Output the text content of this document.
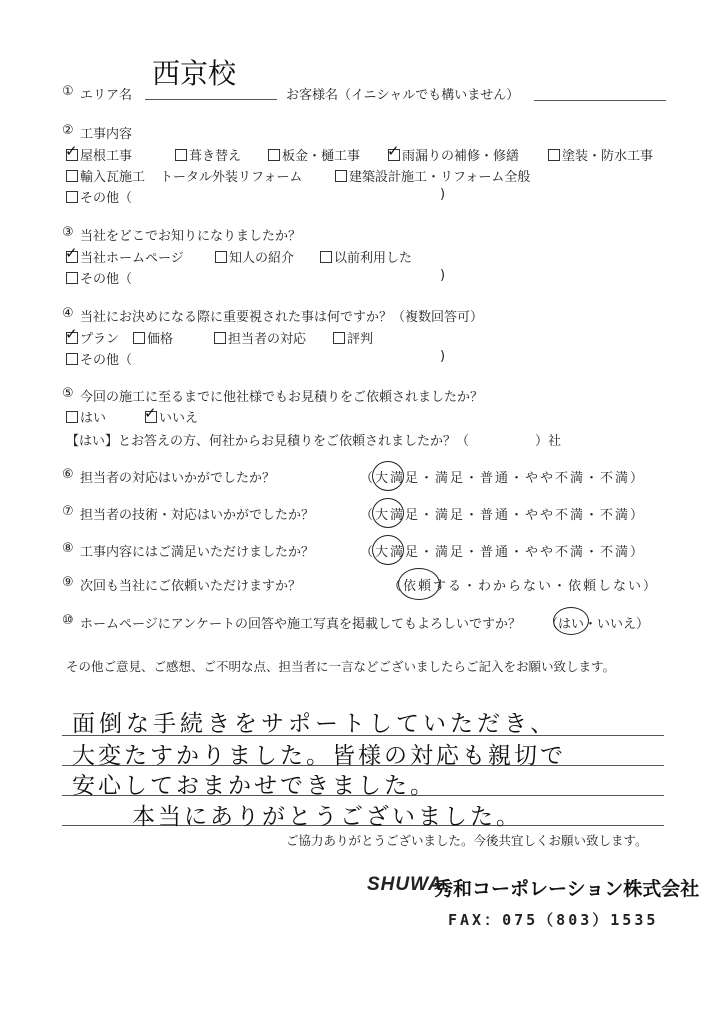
① エリア名
西京校
お客様名（イニシャルでも構いません）
② 工事内容
✓屋根工事	葺き替え	板金・樋工事 ✓	雨漏りの補修・修繕	塗装・防水工事
輸入瓦施工 トータル外装リフォーム	建築設計施工・リフォーム全般
その他（	)
③ 当社をどこでお知りになりましたか？
✓当社ホームページ	知人の紹介	以前利用した
その他（	)
④ 当社にお決めになる際に重要視された事は何ですか？（複数回答可）
✓プラン	価格	担当者の対応	評判
その他（	)
⑤ 今回の施工に至るまでに他社様でもお見積りをご依頼されましたか？
はい ✓	いいえ
【はい】とお答えの方、何社からお見積りをご依頼されましたか？（	）社
⑥ 担当者の対応はいかがでしたか？	（大満足・満足・普通・やや不満・不満）
⑦ 担当者の技術・対応はいかがでしたか？	（大満足・満足・普通・やや不満・不満）
⑧ 工事内容にはご満足いただけましたか？	（大満足・満足・普通・やや不満・不満）
⑨ 次回も当社にご依頼いただけますか？	（依頼する・わからない・依頼しない）
⑩ ホームページにアンケートの回答や施工写真を掲載してもよろしいですか？ （はい・いいえ）
その他ご意見、ご感想、ご不明な点、担当者に一言などございましたらご記入をお願い致します。
面倒な手続きをサポートしていただき、
大変たすかりました。皆様の対応も親切で
安心しておまかせできました。
本当にありがとうございました。
ご協力ありがとうございました。今後共宜しくお願い致します。
SHUWA
秀和コーポレーション株式会社
FAX：075（803）1535
